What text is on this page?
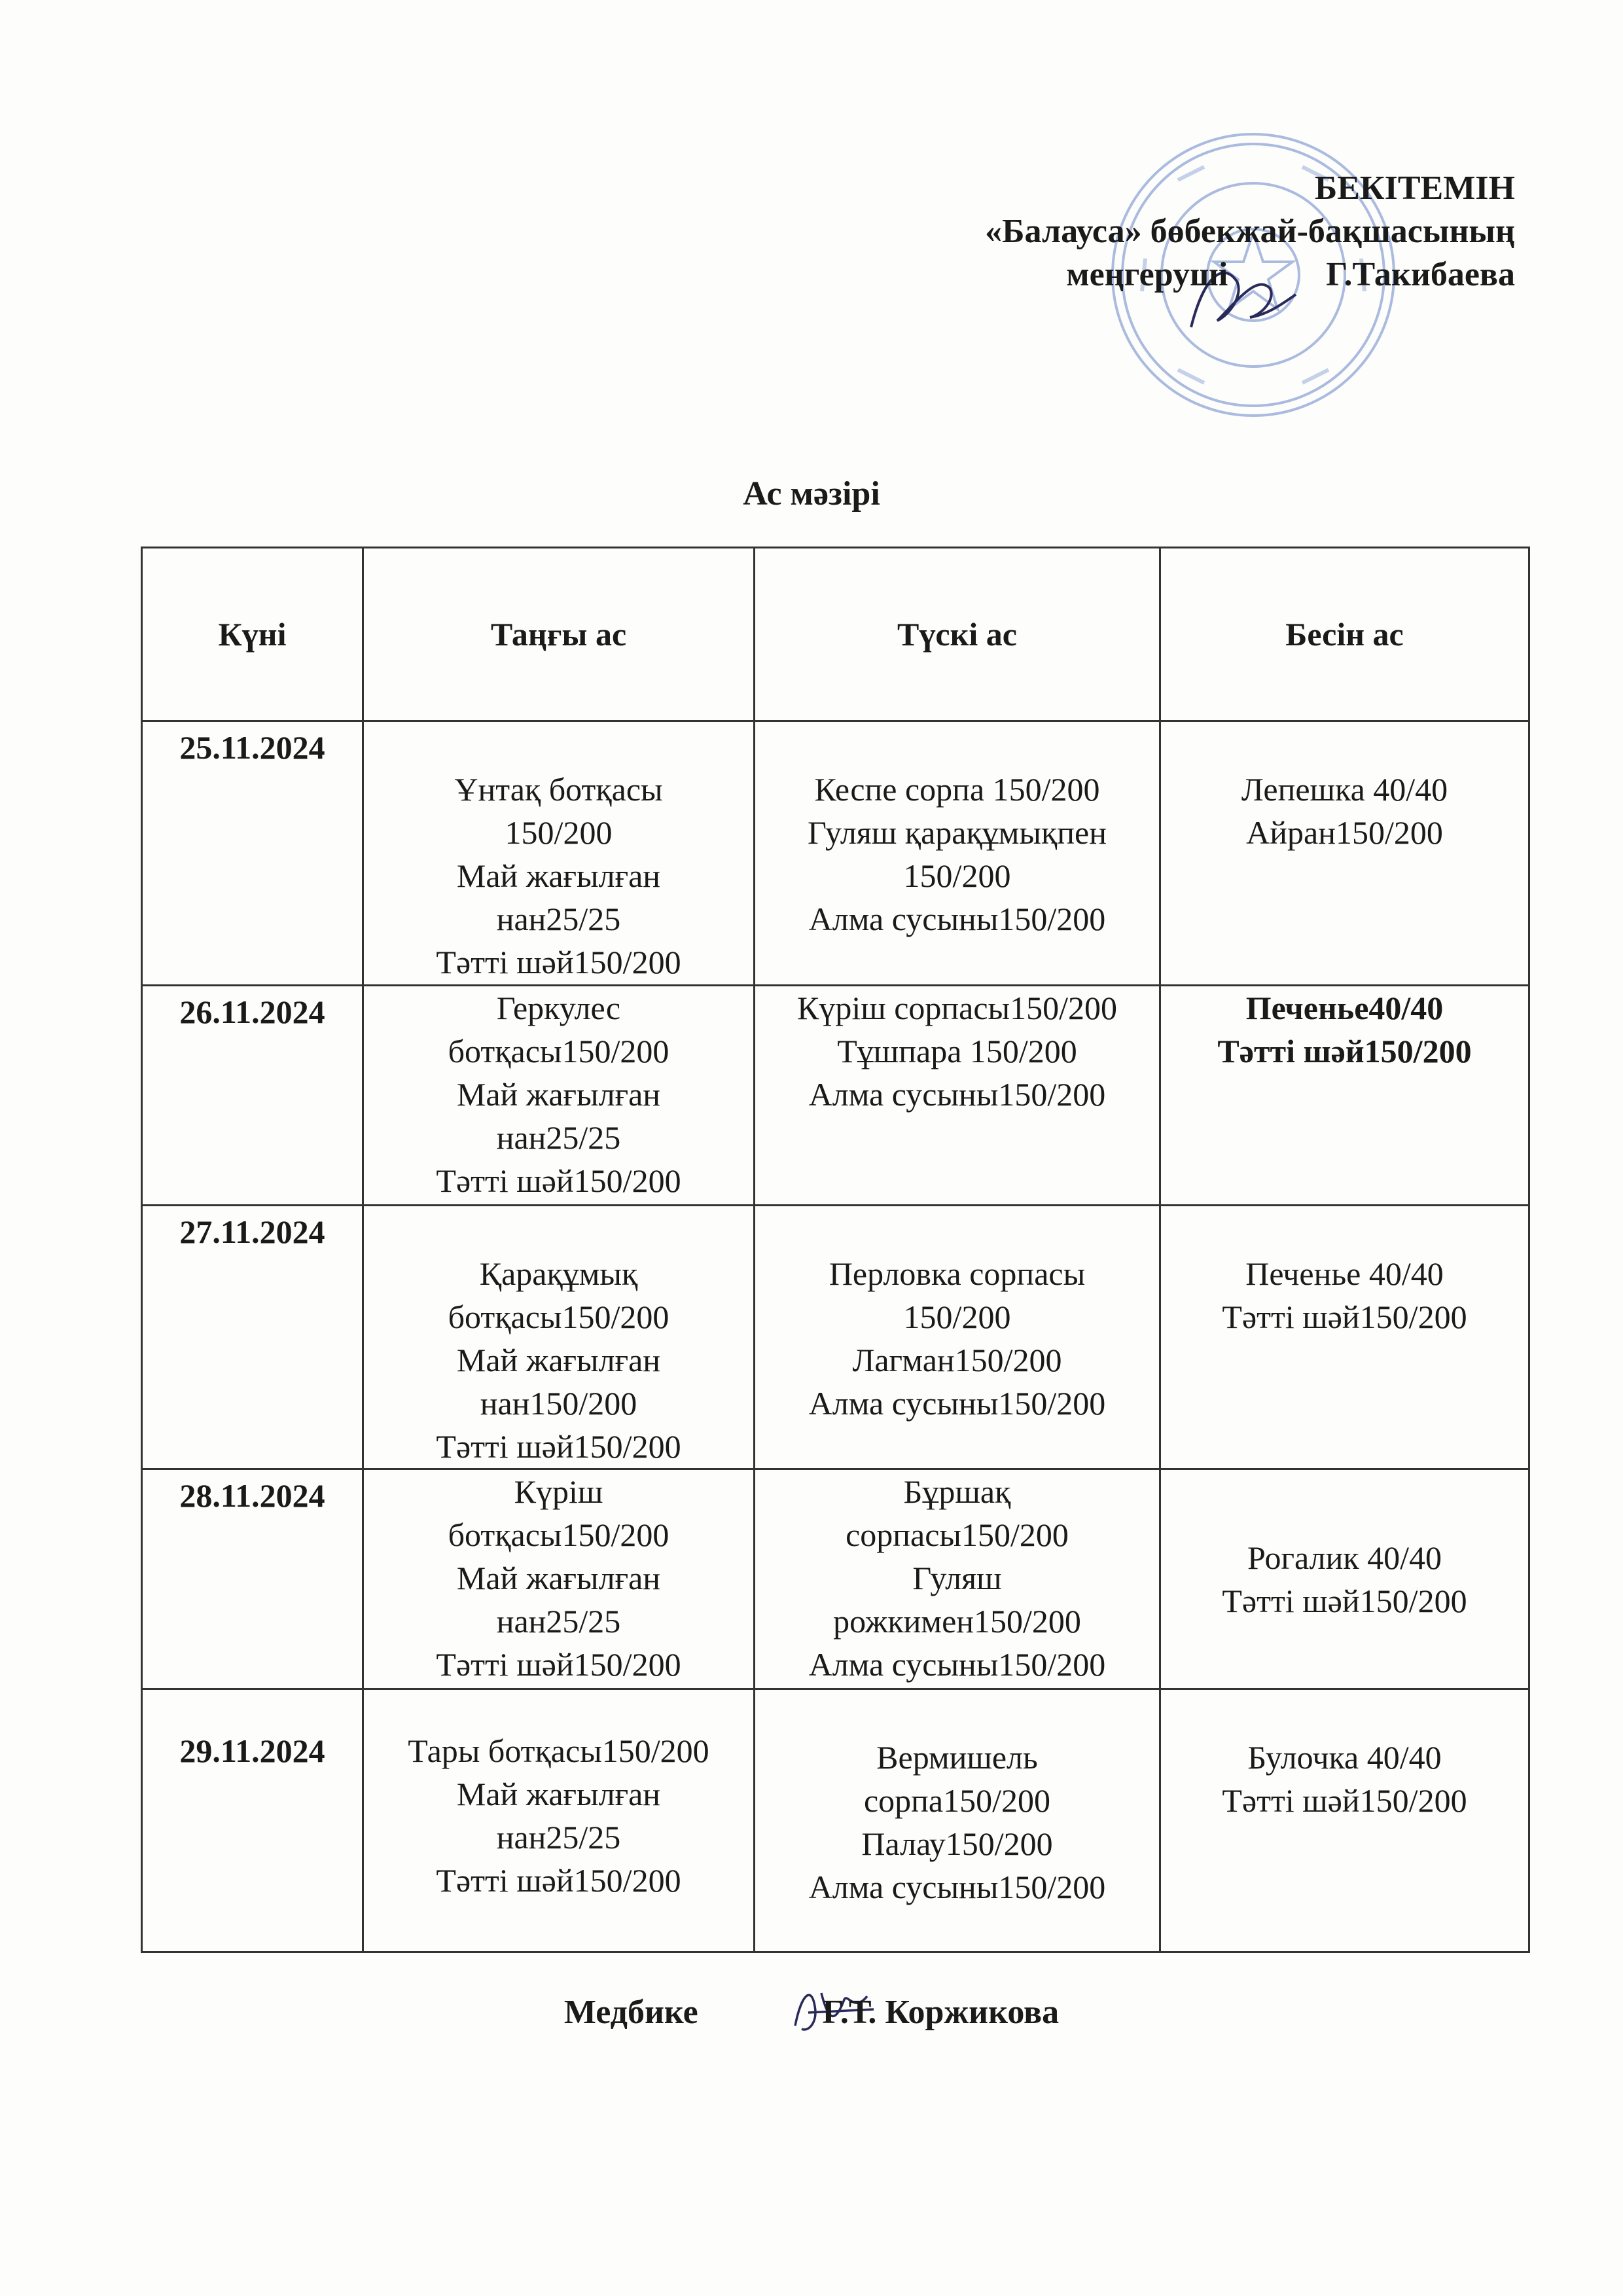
БЕКІТЕМІН
«Балауса» бөбекжай-бақшасының
меңгеруші	Г.Такибаева
Ас мәзірі
Күні	Таңғы ас	Түскі ас	Бесін ас
25.11.2024	Ұнтақ ботқасы
150/200
Май жағылған
нан25/25
Тәтті шәй150/200	Кеспе сорпа 150/200
Гуляш қарақұмықпен
150/200
Алма сусыны150/200	Лепешка 40/40
Айран150/200

26.11.2024	Геркулес
ботқасы150/200
Май жағылған
нан25/25
Тәтті шәй150/200	Күріш сорпасы150/200
Тұшпара 150/200
Алма сусыны150/200	Печенье40/40
Тәтті шәй150/200

27.11.2024	Қарақұмық
ботқасы150/200
Май жағылған
нан150/200
Тәтті шәй150/200	Перловка сорпасы
150/200
Лагман150/200
Алма сусыны150/200	Печенье 40/40
Тәтті шәй150/200

28.11.2024	Күріш
ботқасы150/200
Май жағылған
нан25/25
Тәтті шәй150/200	Бұршақ
сорпасы150/200
Гуляш
рожкимен150/200
Алма сусыны150/200	Рогалик 40/40
Тәтті шәй150/200

29.11.2024	Тары ботқасы150/200
Май жағылған
нан25/25
Тәтті шәй150/200	Вермишель
сорпа150/200
Палау150/200
Алма сусыны150/200	Булочка 40/40
Тәтті шәй150/200
Медбике	Г.Т. Коржикова
